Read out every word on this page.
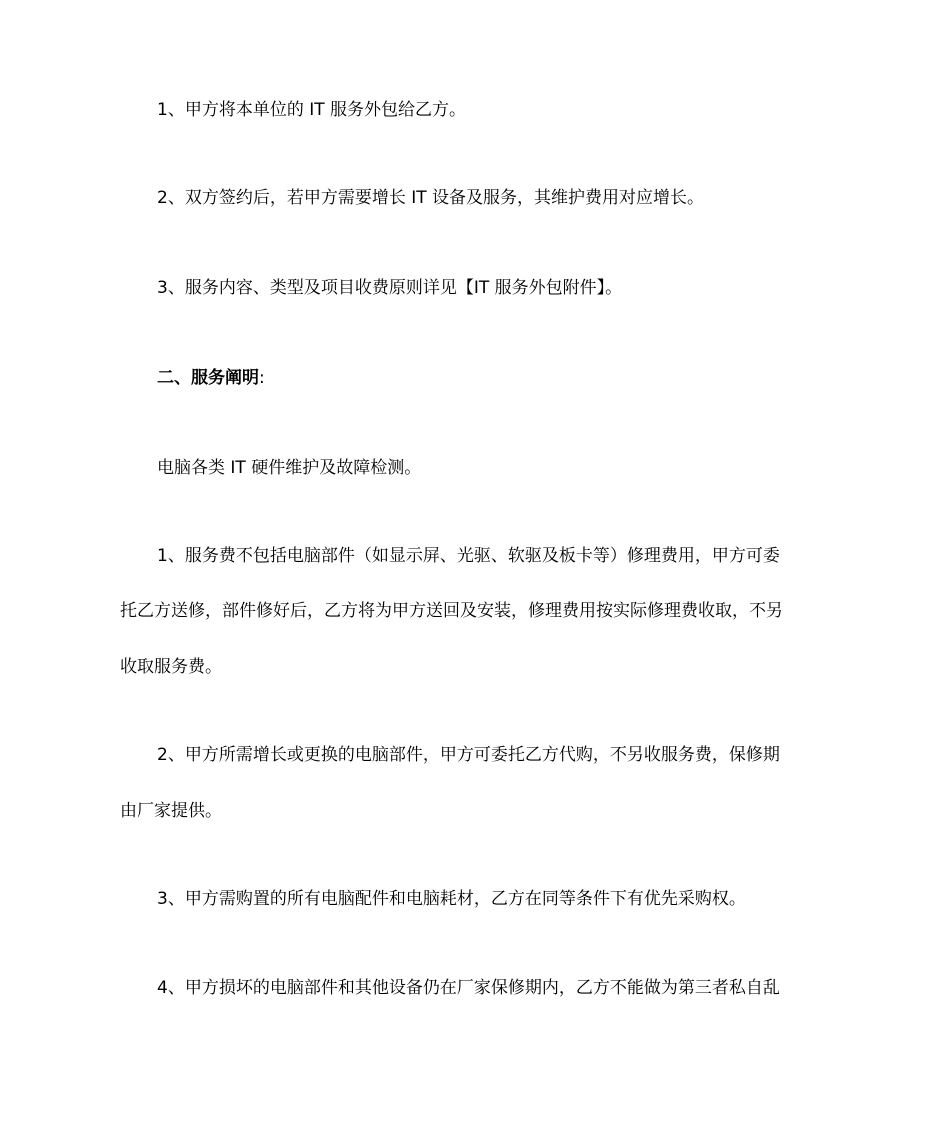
1、甲方将本单位的 IT 服务外包给乙方。
2、双方签约后，若甲方需要增长 IT 设备及服务，其维护费用对应增长。
3、服务内容、类型及项目收费原则详见【IT 服务外包附件】。
二、服务阐明:
电脑各类 IT 硬件维护及故障检测。
1、服务费不包括电脑部件（如显示屏、光驱、软驱及板卡等）修理费用，甲方可委
托乙方送修，部件修好后，乙方将为甲方送回及安装，修理费用按实际修理费收取，不另
收取服务费。
2、甲方所需增长或更换的电脑部件，甲方可委托乙方代购，不另收服务费，保修期
由厂家提供。
3、甲方需购置的所有电脑配件和电脑耗材，乙方在同等条件下有优先采购权。
4、甲方损坏的电脑部件和其他设备仍在厂家保修期内，乙方不能做为第三者私自乱
